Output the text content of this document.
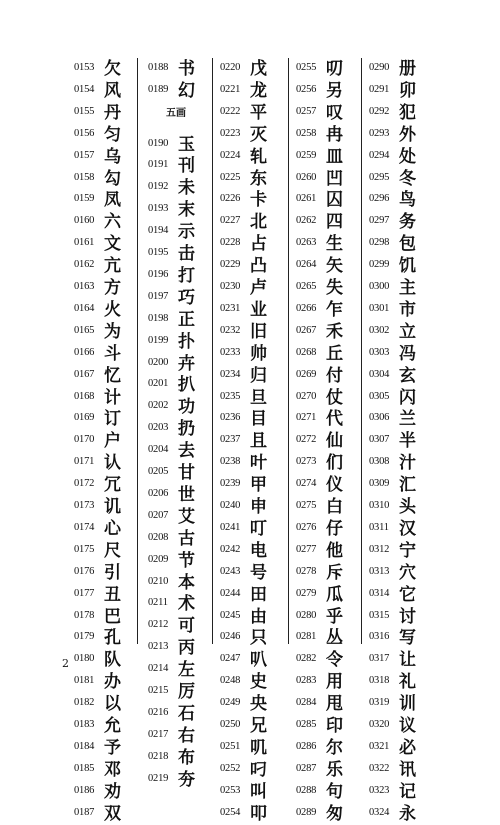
0153 欠
0154 风
0155 丹
0156 匀
0157 乌
0158 勾
0159 凤
0160 六
0161 文
0162 亢
0163 方
0164 火
0165 为
0166 斗
0167 忆
0168 计
0169 订
0170 户
0171 认
0172 冗
0173 讥
0174 心
0175 尺
0176 引
0177 丑
0178 巴
0179 孔
0180 队
0181 办
0182 以
0183 允
0184 予
0185 邓
0186 劝
0187 双
0188 书
0189 幻
0190 玉
0191 刊
0192 未
0193 末
0194 示
0195 击
0196 打
0197 巧
0198 正
0199 扑
0200 卉
0201 扒
0202 功
0203 扔
0204 去
0205 甘
0206 世
0207 艾
0208 古
0209 节
0210 本
0211 术
0212 可
0213 丙
0214 左
0215 厉
0216 石
0217 右
0218 布
0219 夯
五画
0220 戊
0221 龙
0222 平
0223 灭
0224 轧
0225 东
0226 卡
0227 北
0228 占
0229 凸
0230 卢
0231 业
0232 旧
0233 帅
0234 归
0235 旦
0236 目
0237 且
0238 叶
0239 甲
0240 申
0241 叮
0242 电
0243 号
0244 田
0245 由
0246 只
0247 叭
0248 史
0249 央
0250 兄
0251 叽
0252 叼
0253 叫
0254 叩
0255 叨
0256 另
0257 叹
0258 冉
0259 皿
0260 凹
0261 囚
0262 四
0263 生
0264 矢
0265 失
0266 乍
0267 禾
0268 丘
0269 付
0270 仗
0271 代
0272 仙
0273 们
0274 仪
0275 白
0276 仔
0277 他
0278 斥
0279 瓜
0280 乎
0281 丛
0282 令
0283 用
0284 甩
0285 印
0286 尔
0287 乐
0288 句
0289 匆
0290 册
0291 卯
0292 犯
0293 外
0294 处
0295 冬
0296 鸟
0297 务
0298 包
0299 饥
0300 主
0301 市
0302 立
0303 冯
0304 玄
0305 闪
0306 兰
0307 半
0308 汁
0309 汇
0310 头
0311 汉
0312 宁
0313 穴
0314 它
0315 讨
0316 写
0317 让
0318 礼
0319 训
0320 议
0321 必
0322 讯
0323 记
0324 永
2
